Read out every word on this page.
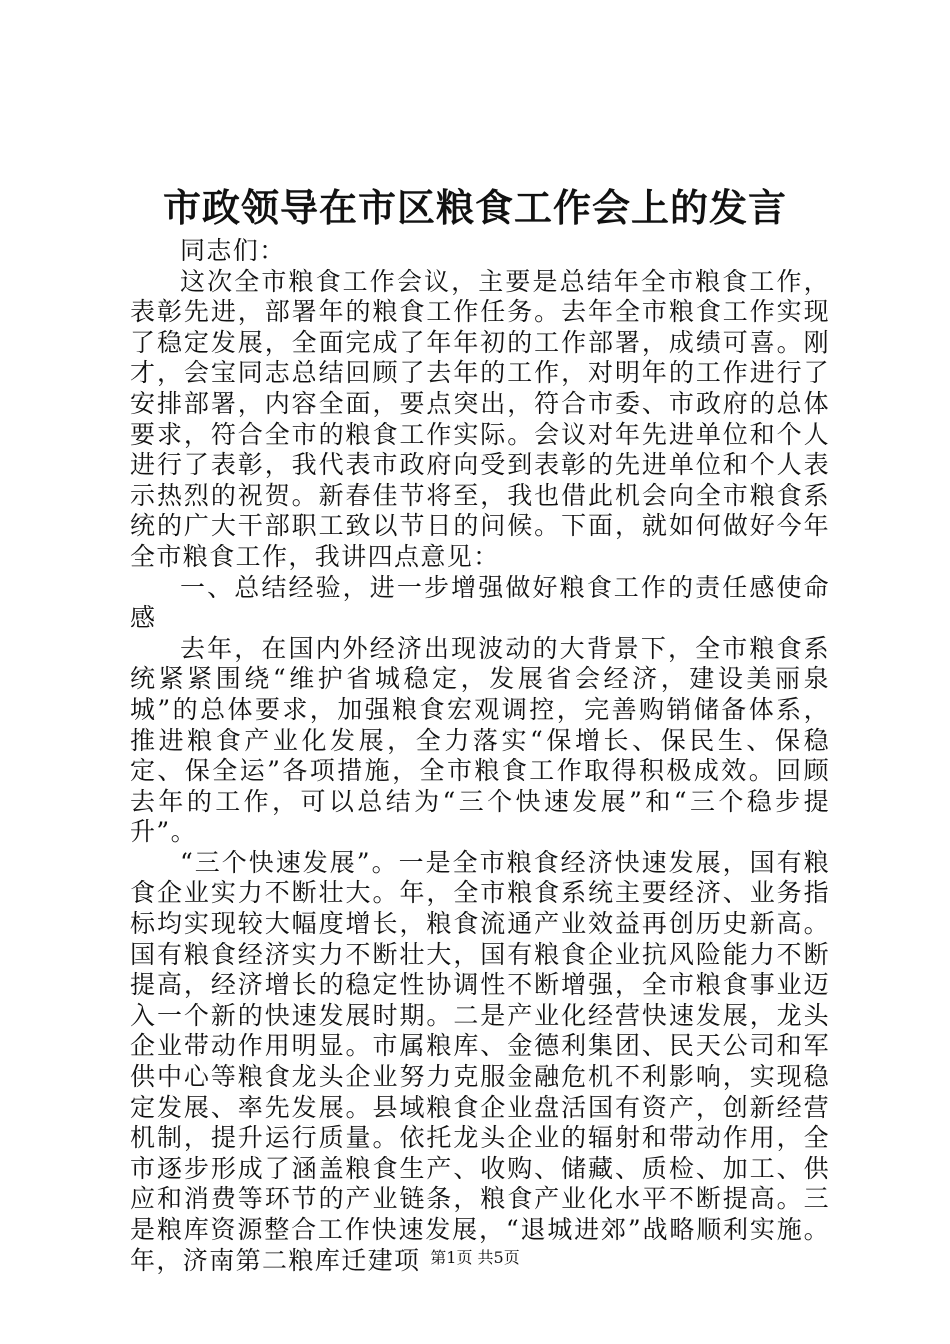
市政领导在市区粮食工作会上的发言

同志们：

这次全市粮食工作会议，主要是总结年全市粮食工作，表彰先进，部署年的粮食工作任务。去年全市粮食工作实现了稳定发展，全面完成了年年初的工作部署，成绩可喜。刚才，会宝同志总结回顾了去年的工作，对明年的工作进行了安排部署，内容全面，要点突出，符合市委、市政府的总体要求，符合全市的粮食工作实际。会议对年先进单位和个人进行了表彰，我代表市政府向受到表彰的先进单位和个人表示热烈的祝贺。新春佳节将至，我也借此机会向全市粮食系统的广大干部职工致以节日的问候。下面，就如何做好今年全市粮食工作，我讲四点意见：

一、总结经验，进一步增强做好粮食工作的责任感使命感

去年，在国内外经济出现波动的大背景下，全市粮食系统紧紧围绕“维护省城稳定，发展省会经济，建设美丽泉城”的总体要求，加强粮食宏观调控，完善购销储备体系，推进粮食产业化发展，全力落实“保增长、保民生、保稳定、保全运”各项措施，全市粮食工作取得积极成效。回顾去年的工作，可以总结为“三个快速发展”和“三个稳步提升”。

“三个快速发展”。一是全市粮食经济快速发展，国有粮食企业实力不断壮大。年，全市粮食系统主要经济、业务指标均实现较大幅度增长，粮食流通产业效益再创历史新高。国有粮食经济实力不断壮大，国有粮食企业抗风险能力不断提高，经济增长的稳定性协调性不断增强，全市粮食事业迈入一个新的快速发展时期。二是产业化经营快速发展，龙头企业带动作用明显。市属粮库、金德利集团、民天公司和军供中心等粮食龙头企业努力克服金融危机不利影响，实现稳定发展、率先发展。县域粮食企业盘活国有资产，创新经营机制，提升运行质量。依托龙头企业的辐射和带动作用，全市逐步形成了涵盖粮食生产、收购、储藏、质检、加工、供应和消费等环节的产业链条，粮食产业化水平不断提高。三是粮库资源整合工作快速发展，“退城进郊”战略顺利实施。年，济南第二粮库迁建项 第1页 共5页
